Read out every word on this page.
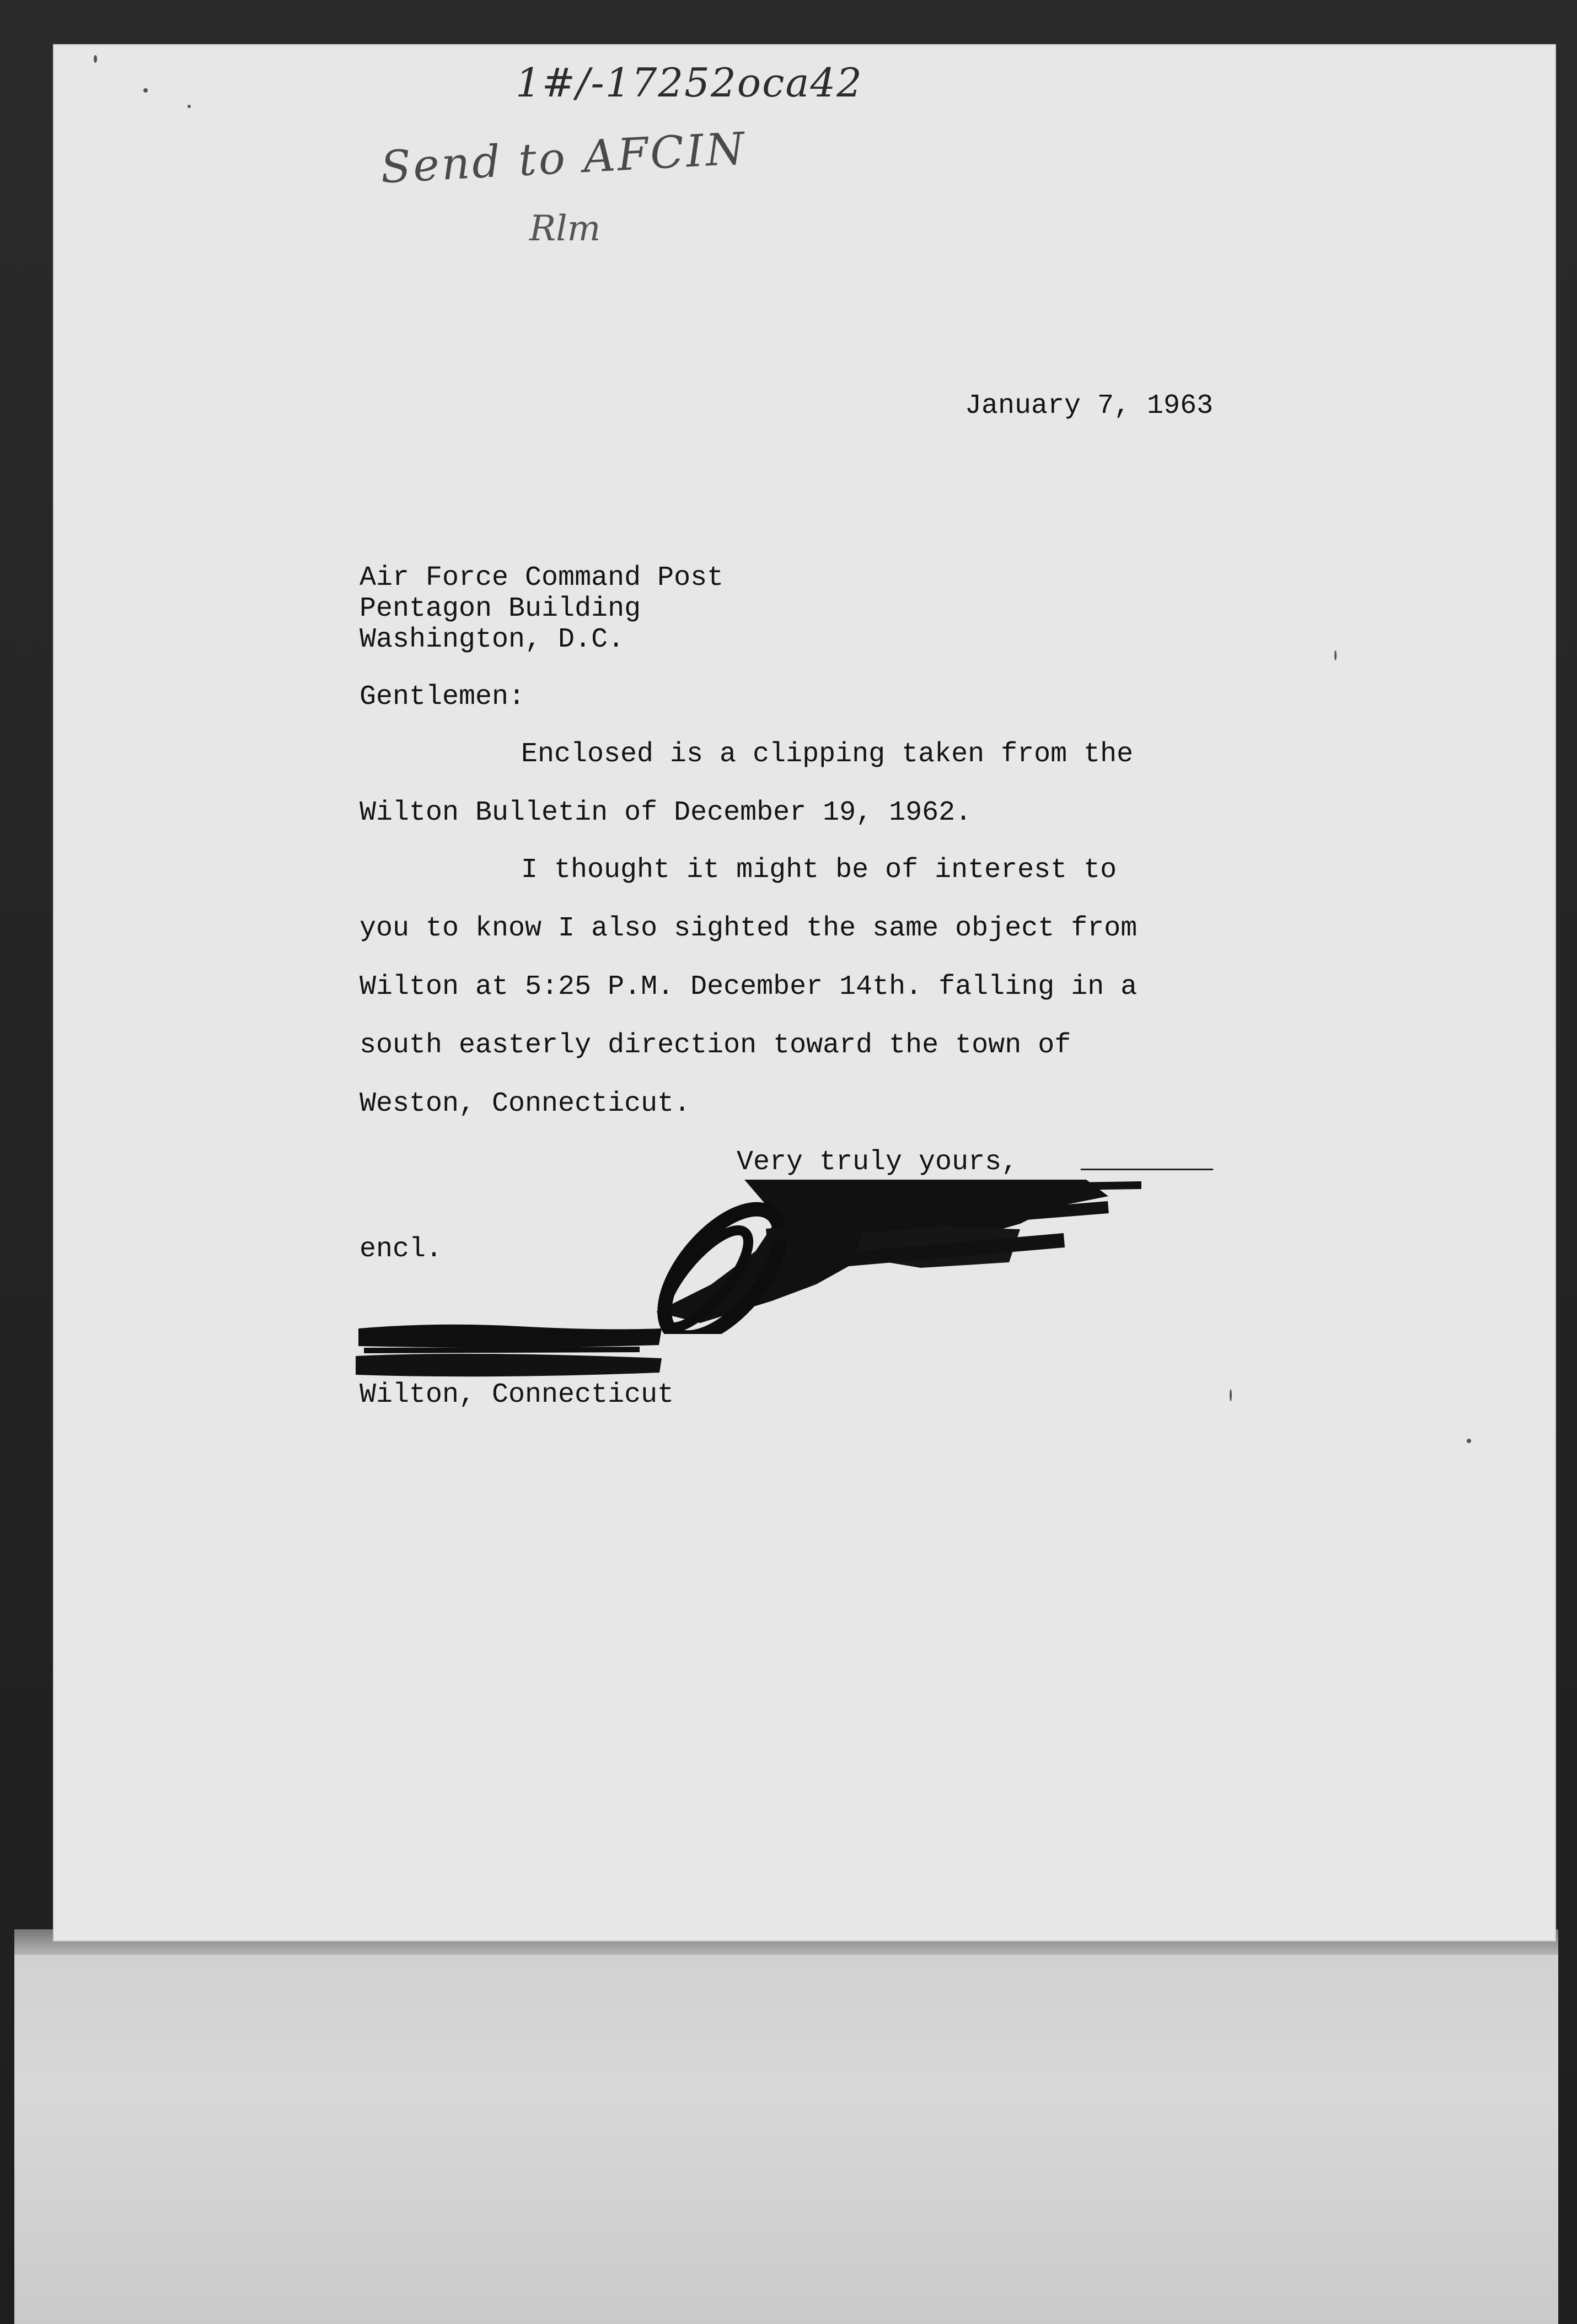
1#/-17252oca42
Send to AFCIN
Rlm
January 7, 1963
Air Force Command Post
Pentagon Building
Washington, D.C.
Gentlemen:
Enclosed is a clipping taken from the
Wilton Bulletin of December 19, 1962.
I thought it might be of interest to
you to know I also sighted the same object from
Wilton at 5:25 P.M. December 14th. falling in a
south easterly direction toward the town of
Weston, Connecticut.
Very truly yours,
encl.
Wilton, Connecticut
